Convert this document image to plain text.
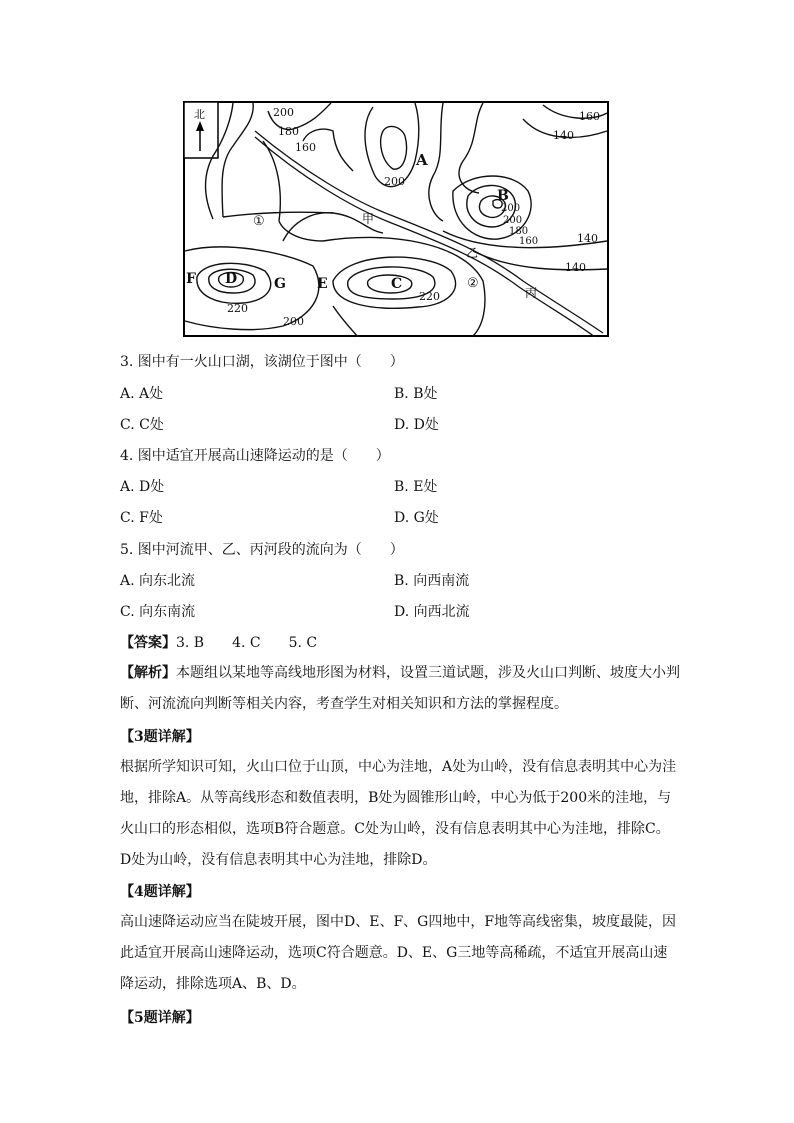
北
A
B
C
D	E
F	G
200
180
160
200
160
140
200
200
180
160	140
140
220
200
220
甲
乙
丙
①
②
3. 图中有一火山口湖，该湖位于图中（　　）
A. A处	B. B处
C. C处	D. D处
4. 图中适宜开展高山速降运动的是（　　）
A. D处	B. E处
C. F处	D. G处
5. 图中河流甲、乙、丙河段的流向为（　　）
A. 向东北流	B. 向西南流
C. 向东南流	D. 向西北流
【答案】3. B　　4. C　　5. C
【解析】本题组以某地等高线地形图为材料，设置三道试题，涉及火山口判断、坡度大小判断、河流流向判断等相关内容，考查学生对相关知识和方法的掌握程度。
【3题详解】
根据所学知识可知，火山口位于山顶，中心为洼地，A处为山岭，没有信息表明其中心为洼地，排除A。从等高线形态和数值表明，B处为圆锥形山岭，中心为低于200米的洼地，与火山口的形态相似，选项B符合题意。C处为山岭，没有信息表明其中心为洼地，排除C。D处为山岭，没有信息表明其中心为洼地，排除D。
【4题详解】
高山速降运动应当在陡坡开展，图中D、E、F、G四地中，F地等高线密集，坡度最陡，因此适宜开展高山速降运动，选项C符合题意。D、E、G三地等高稀疏，不适宜开展高山速降运动，排除选项A、B、D。
【5题详解】
